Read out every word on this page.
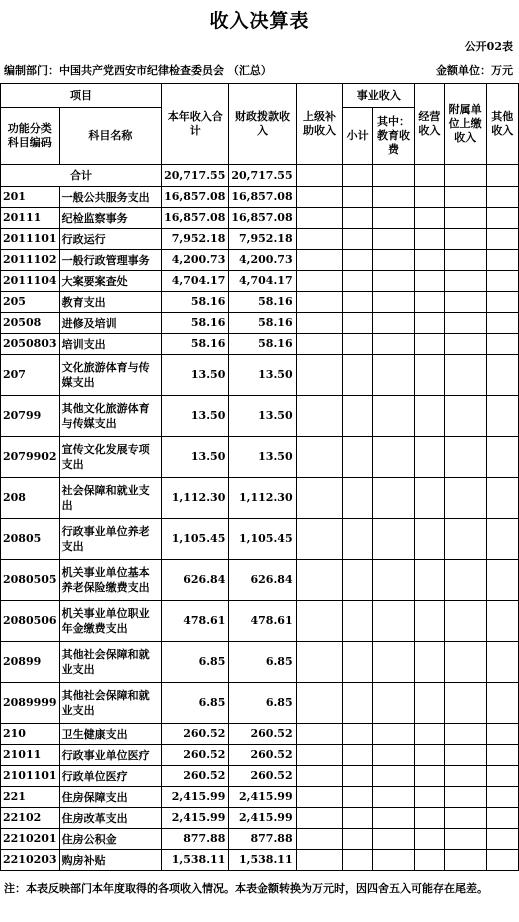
收入决算表
公开02表
编制部门：中国共产党西安市纪律检查委员会 （汇总）	金额单位：万元
项目		本年收入合计	财政拨款收入	上级补助收入	事业收入		经营收入	附属单位上缴收入	其他收入
功能分类科目编码	科目名称				小计	其中：教育收费			

合计		20,717.55	20,717.55						
201	一般公共服务支出	16,857.08	16,857.08						
20111	纪检监察事务	16,857.08	16,857.08						
2011101	行政运行	7,952.18	7,952.18						
2011102	一般行政管理事务	4,200.73	4,200.73						
2011104	大案要案查处	4,704.17	4,704.17						
205	教育支出	58.16	58.16						
20508	进修及培训	58.16	58.16						
2050803	培训支出	58.16	58.16						
207	文化旅游体育与传媒支出	13.50	13.50						
20799	其他文化旅游体育与传媒支出	13.50	13.50						
2079902	宣传文化发展专项支出	13.50	13.50						
208	社会保障和就业支出	1,112.30	1,112.30						
20805	行政事业单位养老支出	1,105.45	1,105.45						
2080505	机关事业单位基本养老保险缴费支出	626.84	626.84						
2080506	机关事业单位职业年金缴费支出	478.61	478.61						
20899	其他社会保障和就业支出	6.85	6.85						
2089999	其他社会保障和就业支出	6.85	6.85						
210	卫生健康支出	260.52	260.52						
21011	行政事业单位医疗	260.52	260.52						
2101101	行政单位医疗	260.52	260.52						
221	住房保障支出	2,415.99	2,415.99						
22102	住房改革支出	2,415.99	2,415.99						
2210201	住房公积金	877.88	877.88						
2210203	购房补贴	1,538.11	1,538.11						
注：本表反映部门本年度取得的各项收入情况。本表金额转换为万元时，因四舍五入可能存在尾差。
